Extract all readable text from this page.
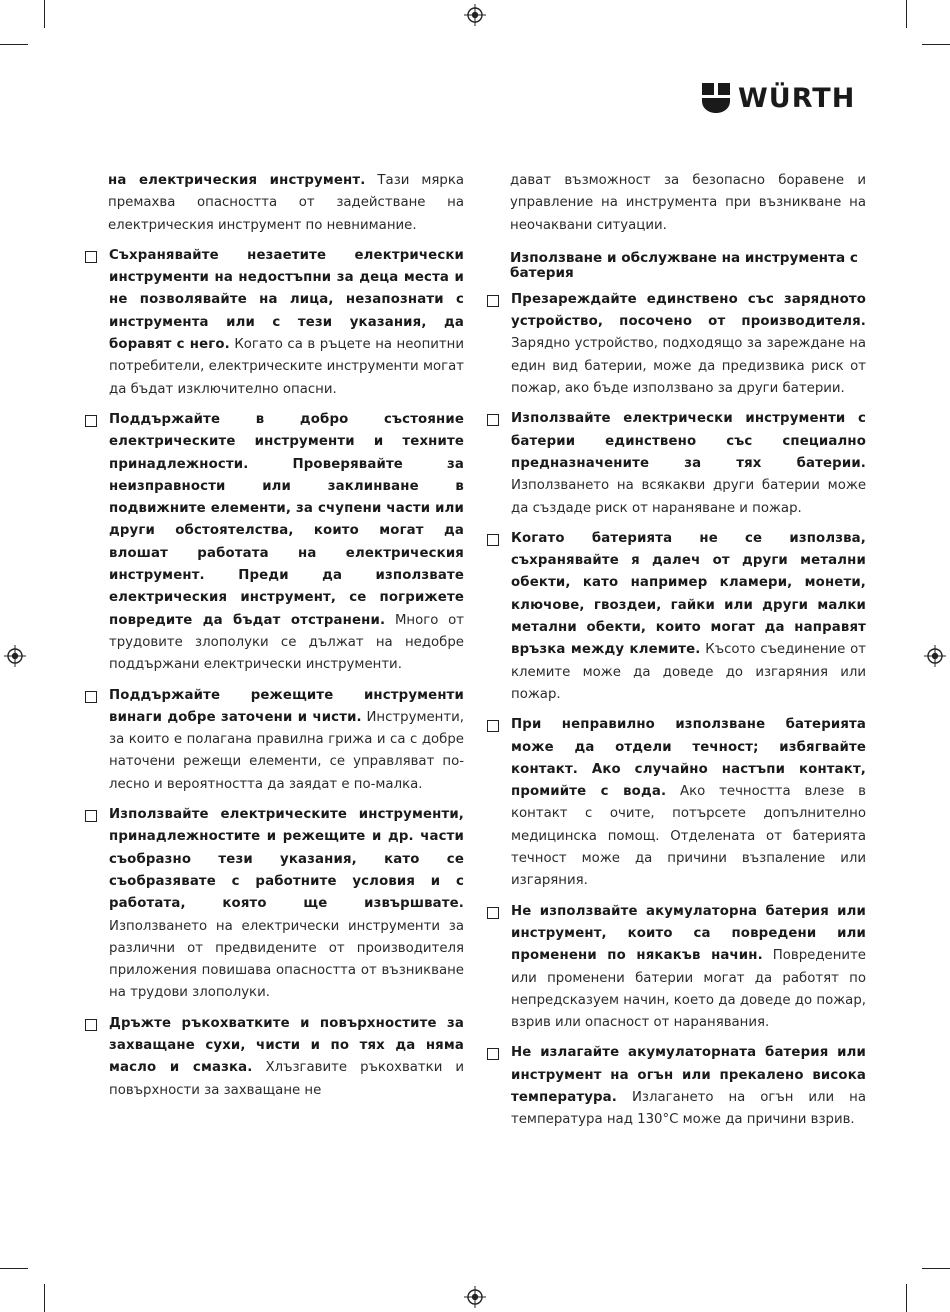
WÜRTH

на електрическия инструмент. Тази мярка премахва опасността от задействане на електрическия инструмент по невнимание.

Съхранявайте незаетите електрически инструменти на недостъпни за деца места и не позволявайте на лица, незапознати с инструмента или с тези указания, да боравят с него. Когато са в ръцете на неопитни потребители, електрическите инструменти могат да бъдат изключително опасни.

Поддържайте в добро състояние електрическите инструменти и техните принадлежности. Проверявайте за неизправности или заклинване в подвижните елементи, за счупени части или други обстоятелства, които могат да влошат работата на електрическия инструмент. Преди да използвате електрическия инструмент, се погрижете повредите да бъдат отстранени. Много от трудовите злополуки се дължат на недобре поддържани електрически инструменти.

Поддържайте режещите инструменти винаги добре заточени и чисти. Инструменти, за които е полагана правилна грижа и са с добре наточени режещи елементи, се управляват по-лесно и вероятността да заядат е по-малка.

Използвайте електрическите инструменти, принадлежностите и режещите и др. части съобразно тези указания, като се съобразявате с работните условия и с работата, която ще извършвате. Използването на електрически инструменти за различни от предвидените от производителя приложения повишава опасността от възникване на трудови злополуки.

Дръжте ръкохватките и повърхностите за захващане сухи, чисти и по тях да няма масло и смазка. Хлъзгавите ръкохватки и повърхности за захващане не

дават възможност за безопасно боравене и управление на инструмента при възникване на неочаквани ситуации.

Използване и обслужване на инструмента с батерия

Презареждайте единствено със зарядното устройство, посочено от производителя. Зарядно устройство, подходящо за зареждане на един вид батерии, може да предизвика риск от пожар, ако бъде използвано за други батерии.

Използвайте електрически инструменти с батерии единствено със специално предназначените за тях батерии. Използването на всякакви други батерии може да създаде риск от нараняване и пожар.

Когато батерията не се използва, съхранявайте я далеч от други метални обекти, като например кламери, монети, ключове, гвоздеи, гайки или други малки метални обекти, които могат да направят връзка между клемите. Късото съединение от клемите може да доведе до изгаряния или пожар.

При неправилно използване батерията може да отдели течност; избягвайте контакт. Ако случайно настъпи контакт, промийте с вода. Ако течността влезе в контакт с очите, потърсете допълнително медицинска помощ. Отделената от батерията течност може да причини възпаление или изгаряния.

Не използвайте акумулаторна батерия или инструмент, които са повредени или променени по някакъв начин. Повредените или променени батерии могат да работят по непредсказуем начин, което да доведе до пожар, взрив или опасност от наранявания.

Не излагайте акумулаторната батерия или инструмент на огън или прекалено висока температура. Излагането на огън или на температура над 130°C може да причини взрив.
